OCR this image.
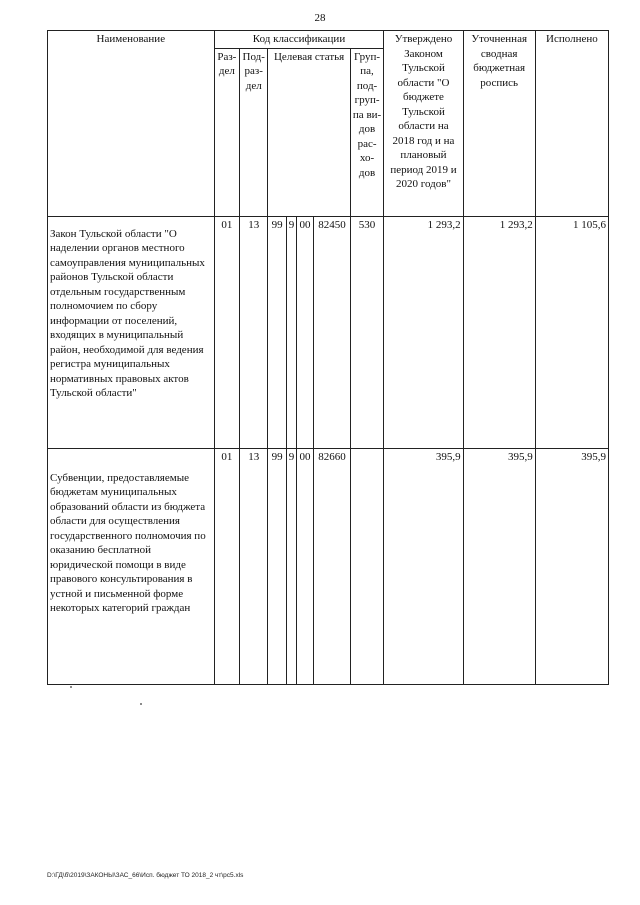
28
Наименование	Код классификации							Утверждено Законом Тульской области "О бюджете Тульской области на 2018 год и на плановый период 2019 и 2020 годов"	Уточненная сводная бюджетная роспись	Исполнено
	Раз- дел	Под- раз- дел	Целевая статья				Груп- па, под- груп- па ви- дов рас- хо- дов			
Закон Тульской области "О наделении органов местного самоуправления муниципальных районов Тульской области отдельным государственным полномочием по сбору информации от поселений, входящих в муниципальный район, необходимой для ведения регистра муниципальных нормативных правовых актов Тульской области"	01	13	99	9	00	82450	530	1 293,2	1 293,2	1 105,6
Субвенции, предоставляемые бюджетам муниципальных образований области из бюджета области для осуществления государственного полномочия по оказанию бесплатной юридической помощи в виде правового консультирования в устной и письменной форме некоторых категорий граждан	01	13	99	9	00	82660		395,9	395,9	395,9
D:\ГД\б\2019\ЗАКОНЫ\ЗАС_66\Исп. бюджет ТО 2018_2 чт\рс5.xls
